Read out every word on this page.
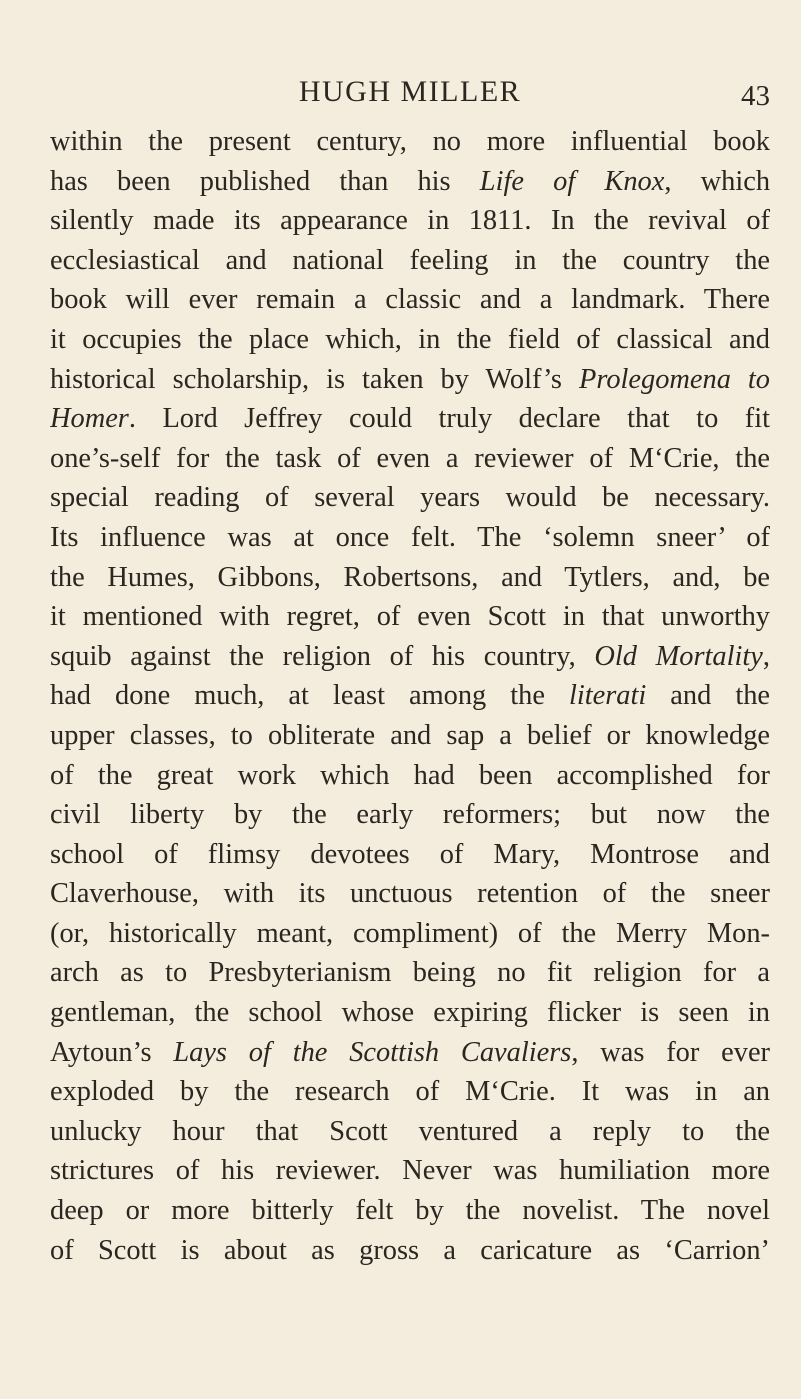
HUGH MILLER	43
within the present century, no more influential book
has been published than his Life of Knox, which
silently made its appearance in 1811. In the revival of
ecclesiastical and national feeling in the country the
book will ever remain a classic and a landmark. There
it occupies the place which, in the field of classical and
historical scholarship, is taken by Wolf’s Prolegomena to
Homer. Lord Jeffrey could truly declare that to fit
one’s-self for the task of even a reviewer of M‘Crie, the
special reading of several years would be necessary.
Its influence was at once felt. The ‘solemn sneer’ of
the Humes, Gibbons, Robertsons, and Tytlers, and, be
it mentioned with regret, of even Scott in that unworthy
squib against the religion of his country, Old Mortality,
had done much, at least among the literati and the
upper classes, to obliterate and sap a belief or knowledge
of the great work which had been accomplished for
civil liberty by the early reformers; but now the
school of flimsy devotees of Mary, Montrose and
Claverhouse, with its unctuous retention of the sneer
(or, historically meant, compliment) of the Merry Mon-
arch as to Presbyterianism being no fit religion for a
gentleman, the school whose expiring flicker is seen in
Aytoun’s Lays of the Scottish Cavaliers, was for ever
exploded by the research of M‘Crie. It was in an
unlucky hour that Scott ventured a reply to the
strictures of his reviewer. Never was humiliation more
deep or more bitterly felt by the novelist. The novel
of Scott is about as gross a caricature as ‘Carrion’
